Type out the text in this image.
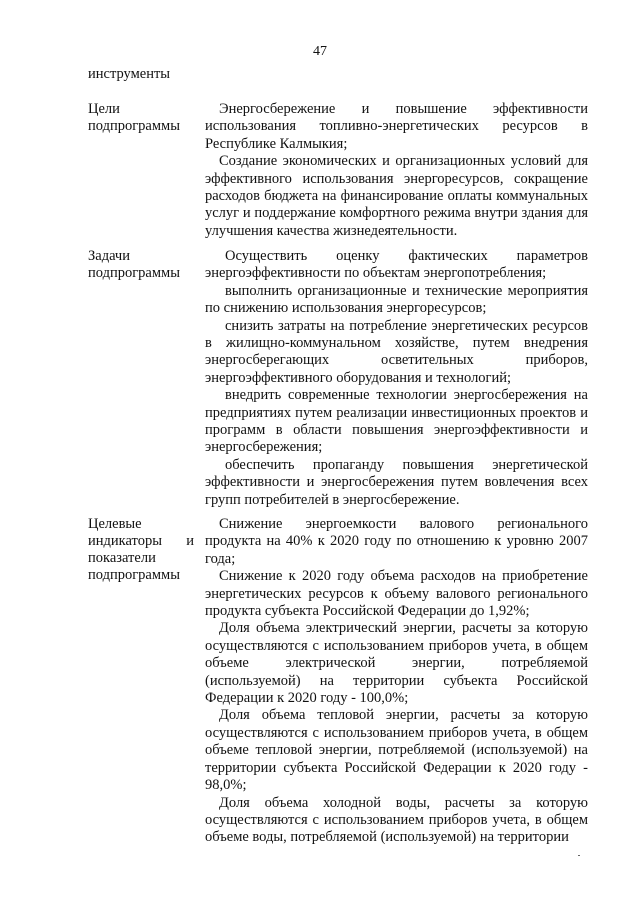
47
инструменты
Цели
подпрограммы

Энергосбережение и повышение эффективности использования топливно-энергетических ресурсов в Республике Калмыкия;

Создание экономических и организационных условий для эффективного использования энергоресурсов, сокращение расходов бюджета на финансирование оплаты коммунальных услуг и поддержание комфортного режима внутри здания для улучшения качества жизнедеятельности.

Задачи
подпрограммы

Осуществить оценку фактических параметров энергоэффективности по объектам энергопотребления;

выполнить организационные и технические мероприятия по снижению использования энергоресурсов;

снизить затраты на потребление энергетических ресурсов в жилищно-коммунальном хозяйстве, путем внедрения энергосберегающих осветительных приборов, энергоэффективного оборудования и технологий;

внедрить современные технологии энергосбережения на предприятиях путем реализации инвестиционных проектов и программ в области повышения энергоэффективности и энергосбережения;

обеспечить пропаганду повышения энергетической эффективности и энергосбережения путем вовлечения всех групп потребителей в энергосбережение.

Целевые
индикаторы и
показатели
подпрограммы

Снижение энергоемкости валового регионального продукта на 40% к 2020 году по отношению к уровню 2007 года;

Снижение к 2020 году объема расходов на приобретение энергетических ресурсов к объему валового регионального продукта субъекта Российской Федерации до 1,92%;

Доля объема электрический энергии, расчеты за которую осуществляются с использованием приборов учета, в общем объеме электрической энергии, потребляемой (используемой) на территории субъекта Российской Федерации к 2020 году - 100,0%;

Доля объема тепловой энергии, расчеты за которую осуществляются с использованием приборов учета, в общем объеме тепловой энергии, потребляемой (используемой) на территории субъекта Российской Федерации к 2020 году - 98,0%;

Доля объема холодной воды, расчеты за которую осуществляются с использованием приборов учета, в общем объеме воды, потребляемой (используемой) на территории
